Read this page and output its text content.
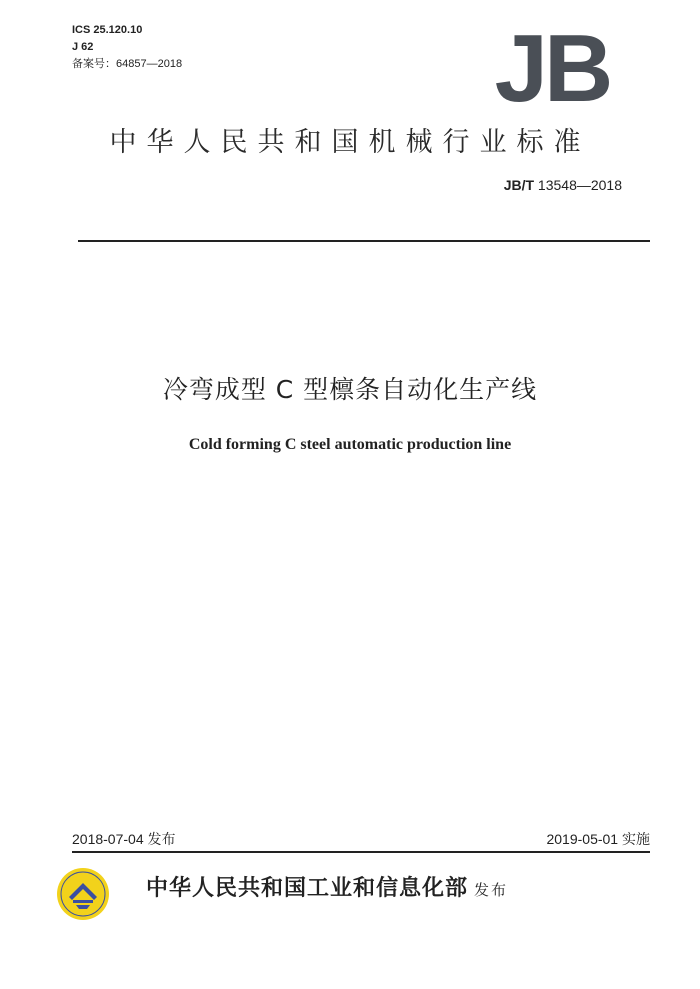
ICS 25.120.10
J 62
备案号：64857—2018	JB
中华人民共和国机械行业标准
JB/T 13548—2018
冷弯成型 C 型檩条自动化生产线
Cold forming C steel automatic production line
2018-07-04 发布	2019-05-01 实施
中华人民共和国工业和信息化部 发布
